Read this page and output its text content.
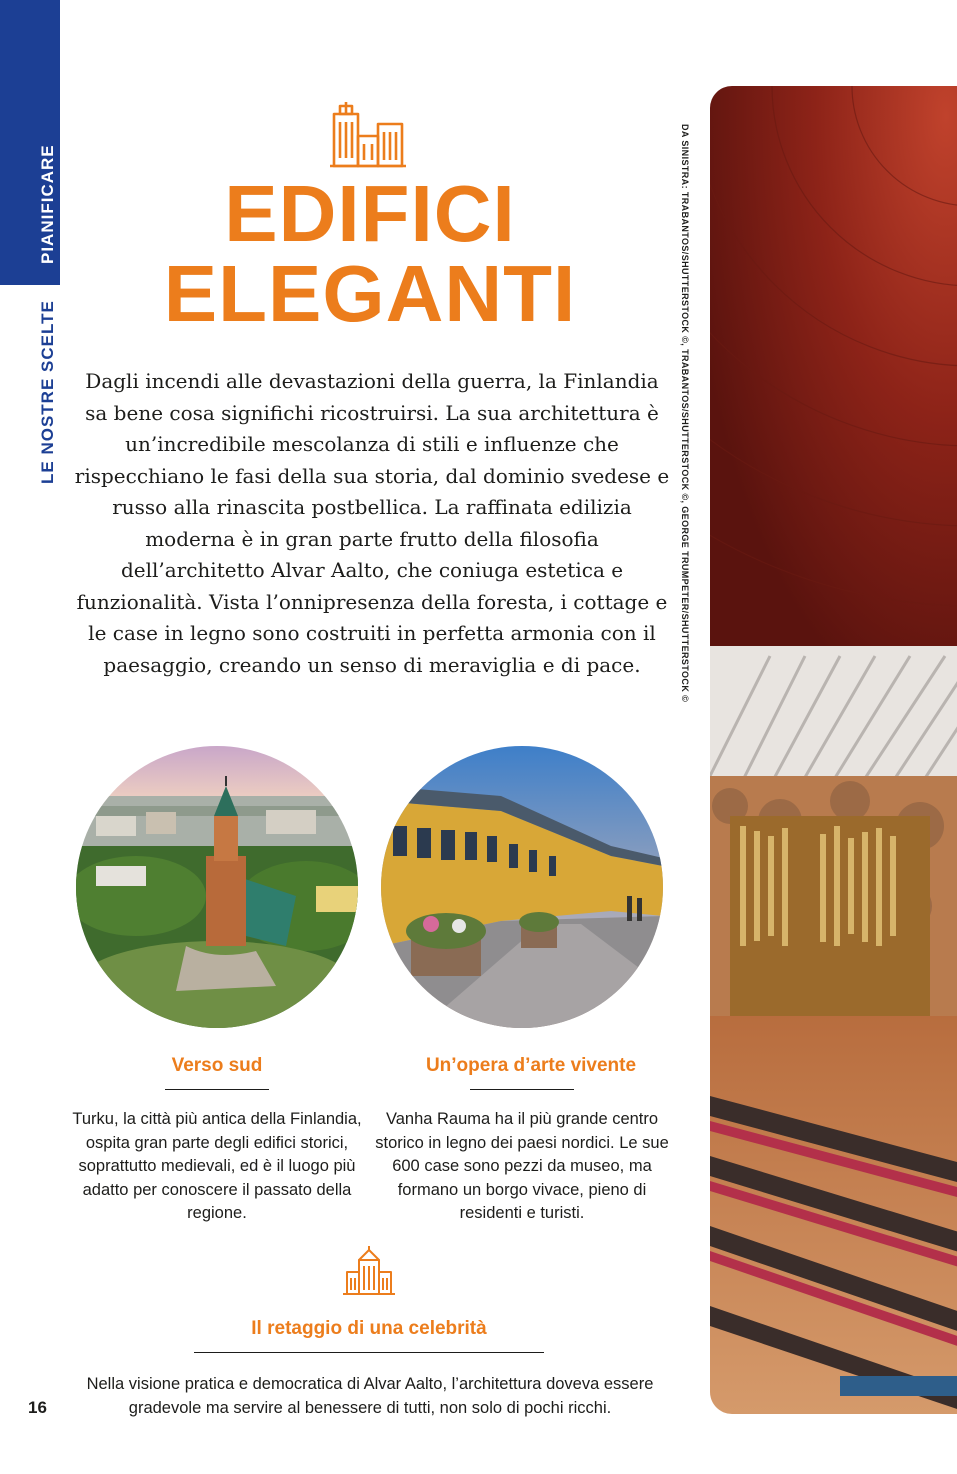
PIANIFICARE
LE NOSTRE SCELTE
EDIFICI
ELEGANTI
Dagli incendi alle devastazioni della guerra, la Finlandia sa bene cosa significhi ricostruirsi. La sua architettura è un’incredibile mescolanza di stili e influenze che rispecchiano le fasi della sua storia, dal dominio svedese e russo alla rinascita postbellica. La raffinata edilizia moderna è in gran parte frutto della filosofia dell’architetto Alvar Aalto, che coniuga estetica e funzionalità. Vista l’onnipresenza della foresta, i cottage e le case in legno sono costruiti in perfetta armonia con il paesaggio, creando un senso di meraviglia e di pace.
Verso sud
Turku, la città più antica della Finlandia, ospita gran parte degli edifici storici, soprattutto medievali, ed è il luogo più adatto per conoscere il passato della regione.
Un’opera d’arte vivente
Vanha Rauma ha il più grande centro storico in legno dei paesi nordici. Le sue 600 case sono pezzi da museo, ma formano un borgo vivace, pieno di residenti e turisti.
Il retaggio di una celebrità
Nella visione pratica e democratica di Alvar Aalto, l’architettura doveva essere gradevole ma servire al benessere di tutti, non solo di pochi ricchi.
16
DA SINISTRA: TRABANTOS/SHUTTERSTOCK ©, TRABANTOS/SHUTTERSTOCK ©, GEORGE TRUMPETER/SHUTTERSTOCK ©
